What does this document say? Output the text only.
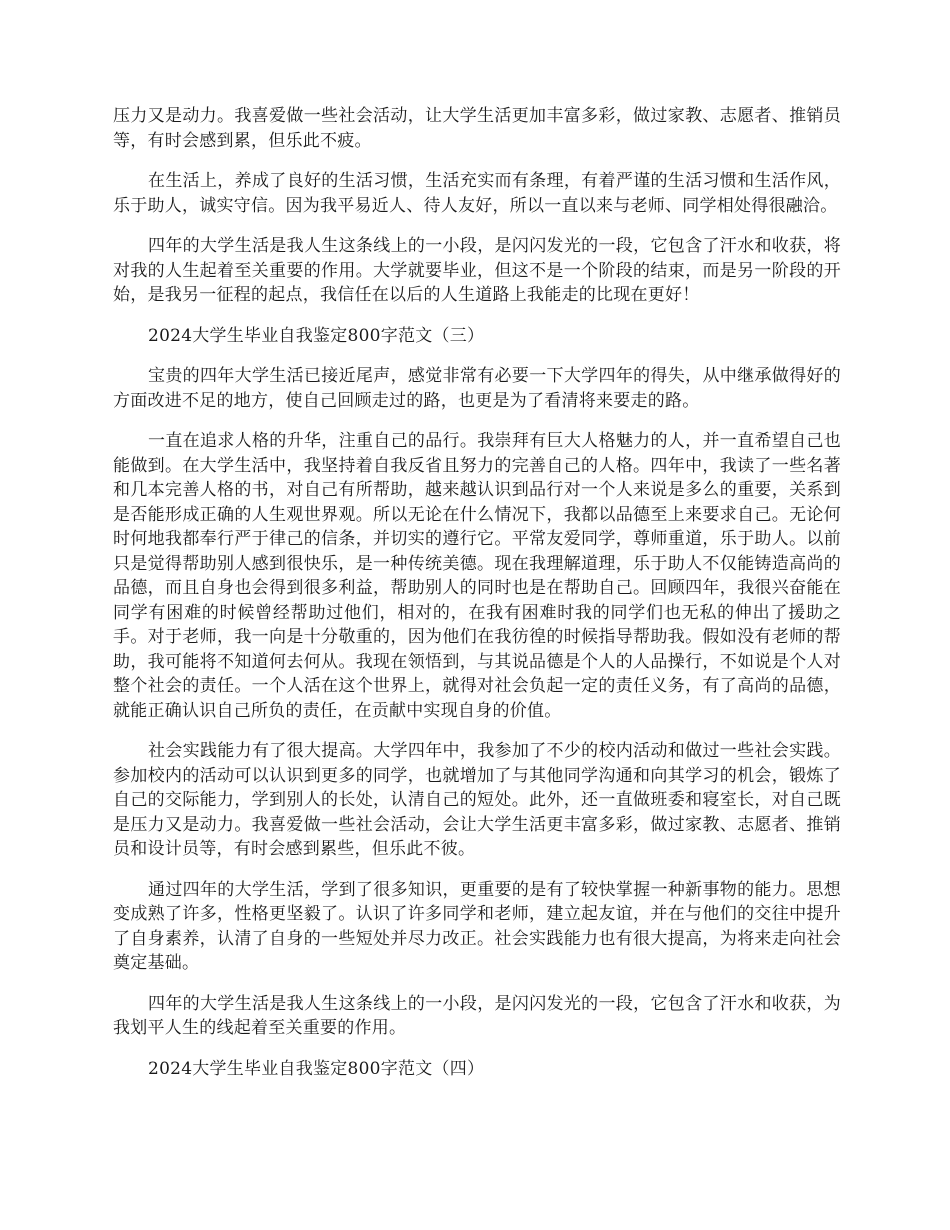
压力又是动力。我喜爱做一些社会活动，让大学生活更加丰富多彩，做过家教、志愿者、推销员等，有时会感到累，但乐此不疲。

在生活上，养成了良好的生活习惯，生活充实而有条理，有着严谨的生活习惯和生活作风，乐于助人，诚实守信。因为我平易近人、待人友好，所以一直以来与老师、同学相处得很融洽。

四年的大学生活是我人生这条线上的一小段，是闪闪发光的一段，它包含了汗水和收获，将对我的人生起着至关重要的作用。大学就要毕业，但这不是一个阶段的结束，而是另一阶段的开始，是我另一征程的起点，我信任在以后的人生道路上我能走的比现在更好！

2024大学生毕业自我鉴定800字范文（三）

宝贵的四年大学生活已接近尾声，感觉非常有必要一下大学四年的得失，从中继承做得好的方面改进不足的地方，使自己回顾走过的路，也更是为了看清将来要走的路。

一直在追求人格的升华，注重自己的品行。我崇拜有巨大人格魅力的人，并一直希望自己也能做到。在大学生活中，我坚持着自我反省且努力的完善自己的人格。四年中，我读了一些名著和几本完善人格的书，对自己有所帮助，越来越认识到品行对一个人来说是多么的重要，关系到是否能形成正确的人生观世界观。所以无论在什么情况下，我都以品德至上来要求自己。无论何时何地我都奉行严于律己的信条，并切实的遵行它。平常友爱同学，尊师重道，乐于助人。以前只是觉得帮助别人感到很快乐，是一种传统美德。现在我理解道理，乐于助人不仅能铸造高尚的品德，而且自身也会得到很多利益，帮助别人的同时也是在帮助自己。回顾四年，我很兴奋能在同学有困难的时候曾经帮助过他们，相对的，在我有困难时我的同学们也无私的伸出了援助之手。对于老师，我一向是十分敬重的，因为他们在我彷徨的时候指导帮助我。假如没有老师的帮助，我可能将不知道何去何从。我现在领悟到，与其说品德是个人的人品操行，不如说是个人对整个社会的责任。一个人活在这个世界上，就得对社会负起一定的责任义务，有了高尚的品德，就能正确认识自己所负的责任，在贡献中实现自身的价值。

社会实践能力有了很大提高。大学四年中，我参加了不少的校内活动和做过一些社会实践。参加校内的活动可以认识到更多的同学，也就增加了与其他同学沟通和向其学习的机会，锻炼了自己的交际能力，学到别人的长处，认清自己的短处。此外，还一直做班委和寝室长，对自己既是压力又是动力。我喜爱做一些社会活动，会让大学生活更丰富多彩，做过家教、志愿者、推销员和设计员等，有时会感到累些，但乐此不彼。

通过四年的大学生活，学到了很多知识，更重要的是有了较快掌握一种新事物的能力。思想变成熟了许多，性格更坚毅了。认识了许多同学和老师，建立起友谊，并在与他们的交往中提升了自身素养，认清了自身的一些短处并尽力改正。社会实践能力也有很大提高，为将来走向社会奠定基础。

四年的大学生活是我人生这条线上的一小段，是闪闪发光的一段，它包含了汗水和收获，为我划平人生的线起着至关重要的作用。

2024大学生毕业自我鉴定800字范文（四）
